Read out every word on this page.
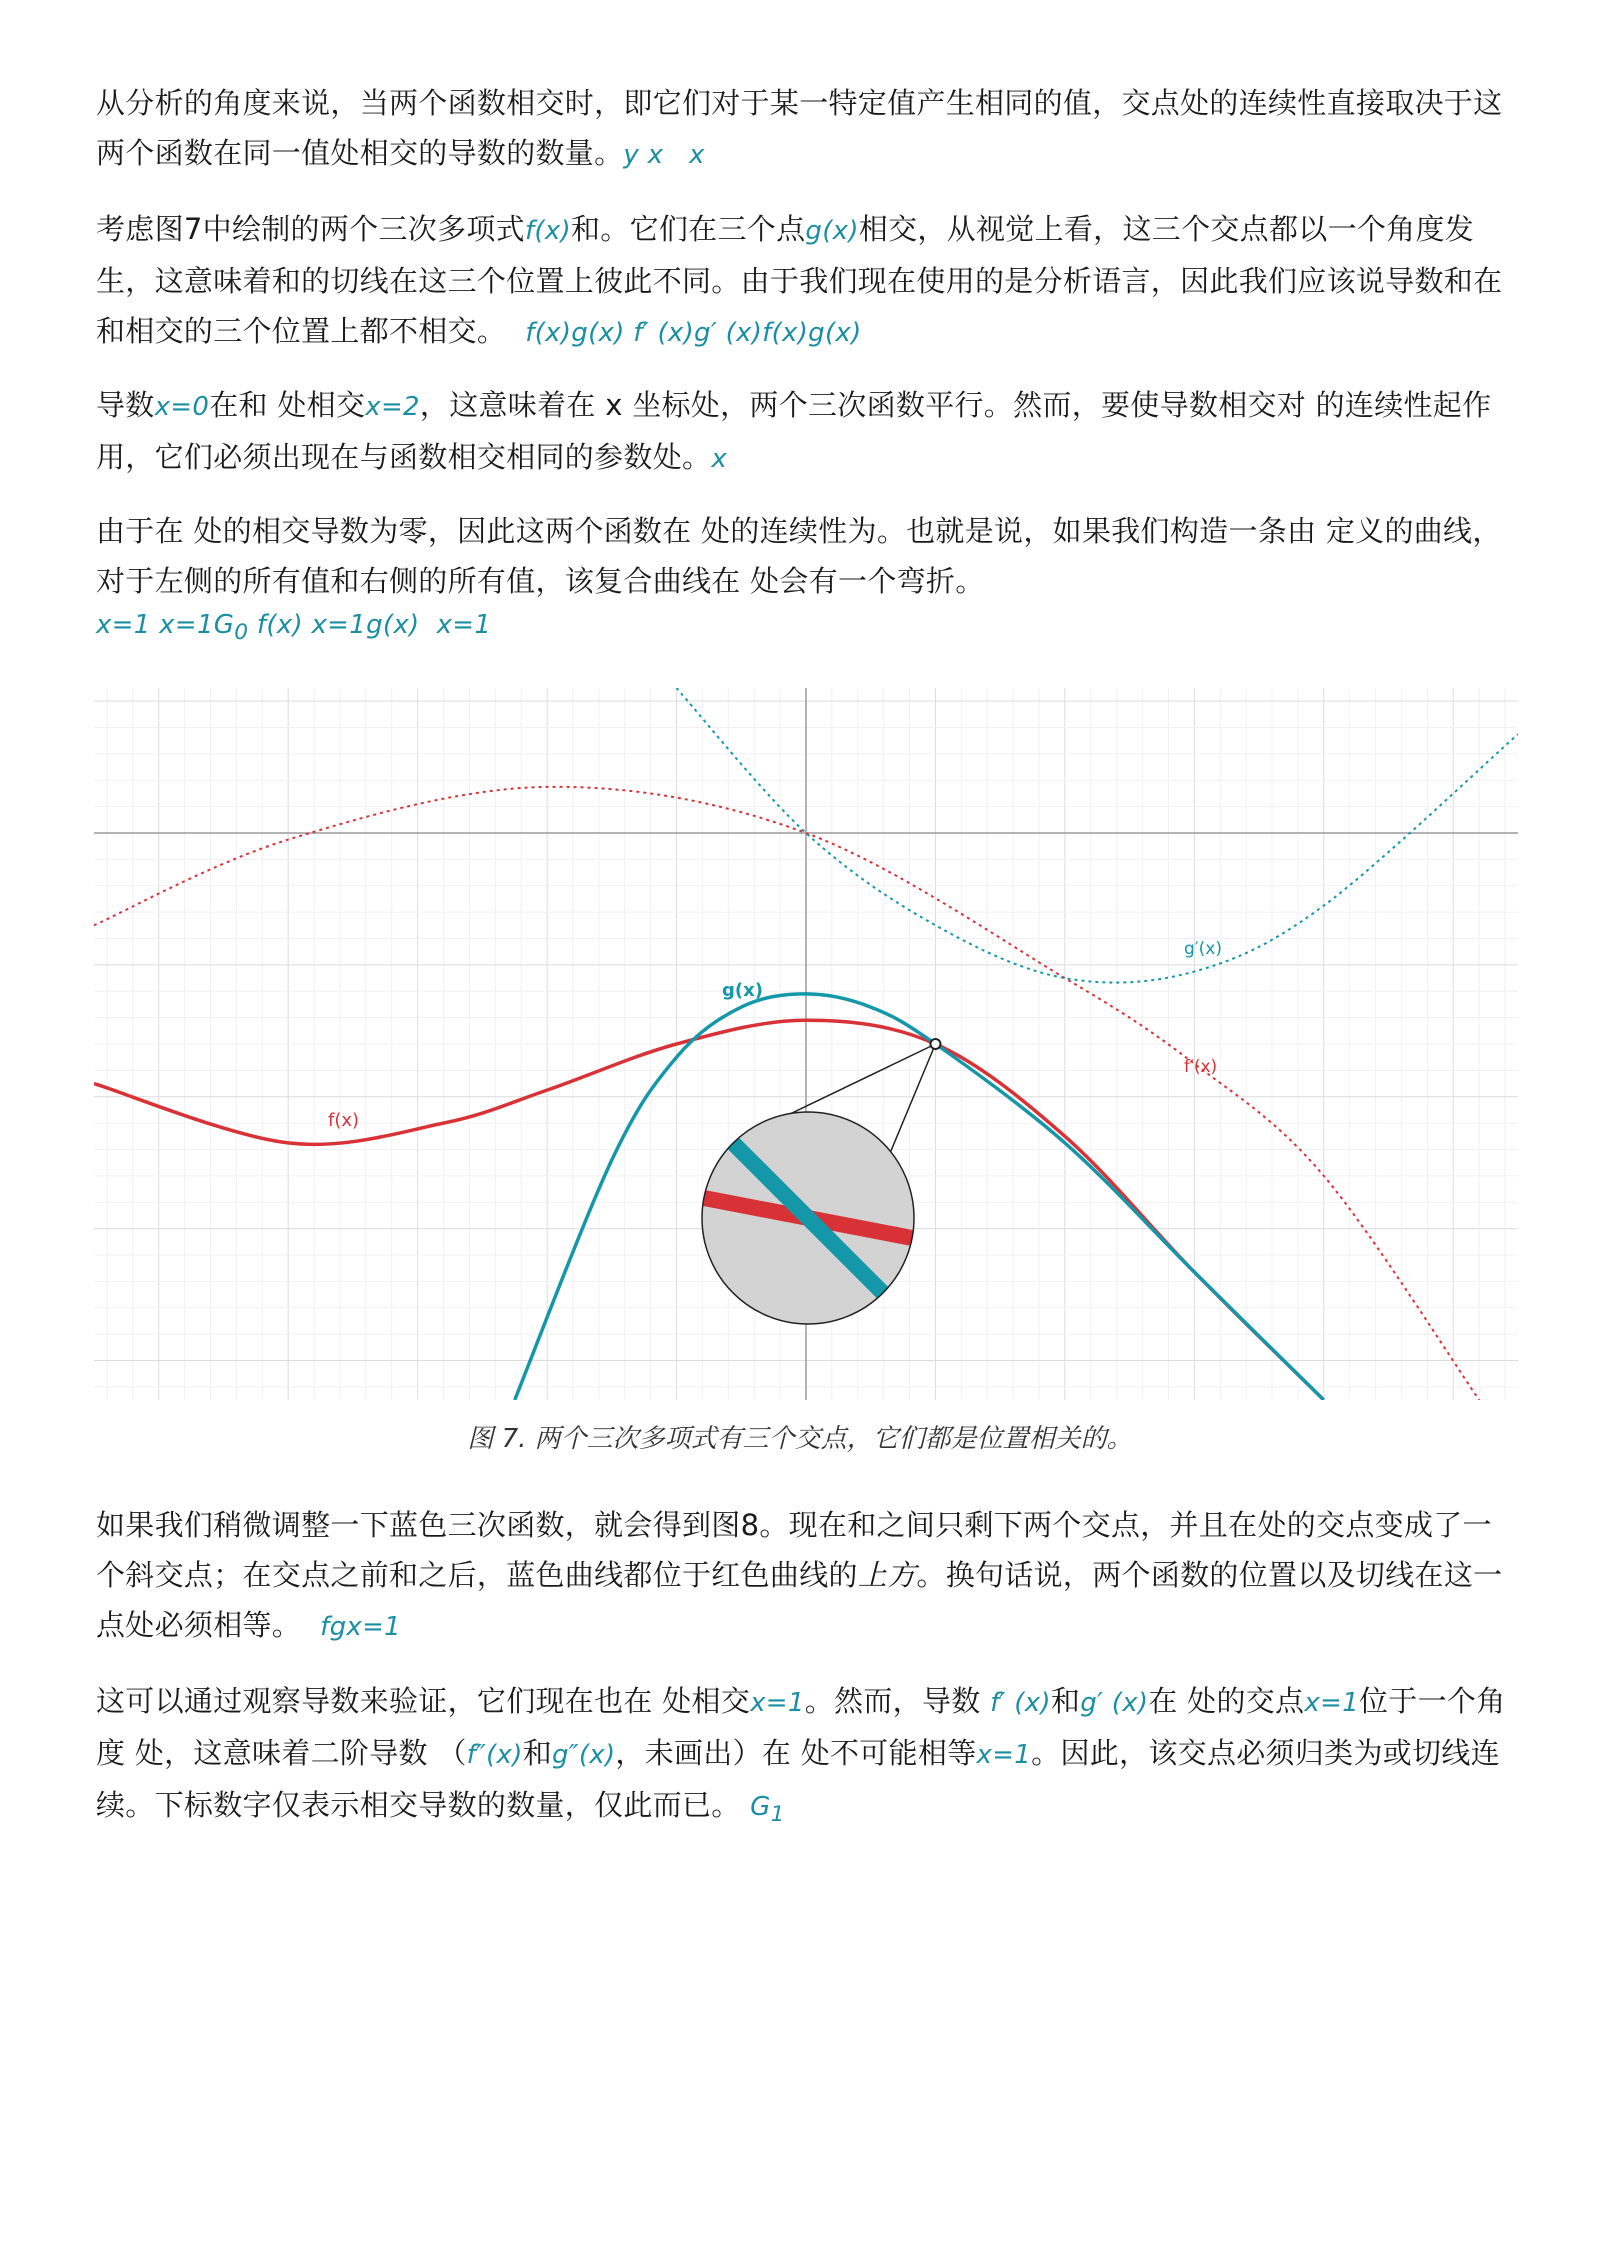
从分析的角度来说，当两个函数相交时，即它们对于某一特定值产生相同的值，交点处的连续性直接取决于这两个函数在同一值处相交的导数的数量。y x   x

考虑图7中绘制的两个三次多项式f(x)和。它们在三个点g(x)相交，从视觉上看，这三个交点都以一个角度发生，这意味着和的切线在这三个位置上彼此不同。由于我们现在使用的是分析语言，因此我们应该说导数和在和相交的三个位置上都不相交。 f(x)g(x) f′ (x)g′ (x)f(x)g(x)

导数x=0在和 处相交x=2，这意味着在 x 坐标处，两个三次函数平行。然而，要使导数相交对 的连续性起作用，它们必须出现在与函数相交相同的参数处。x

由于在 处的相交导数为零，因此这两个函数在 处的连续性为。也就是说，如果我们构造一条由 定义的曲线，对于左侧的所有值和右侧的所有值，该复合曲线在 处会有一个弯折。
x=1 $x=1G_0$ f(x) x=1g(x)  x=1

f(x)
g(x)
f′(x)
g′(x)
图 7. 两个三次多项式有三个交点，它们都是位置相关的。

如果我们稍微调整一下蓝色三次函数，就会得到图8。现在和之间只剩下两个交点，并且在处的交点变成了一个斜交点；在交点之前和之后，蓝色曲线都位于红色曲线的上方。换句话说，两个函数的位置以及切线在这一点处必须相等。 fgx=1

这可以通过观察导数来验证，它们现在也在 处相交x=1。然而，导数 f′ (x)和g′ (x)在 处的交点x=1位于一个角度 处，这意味着二阶导数 （f″(x)和g″(x)，未画出）在 处不可能相等x=1。因此，该交点必须归类为或切线连续。下标数字仅表示相交导数的数量，仅此而已。 $G_1$
